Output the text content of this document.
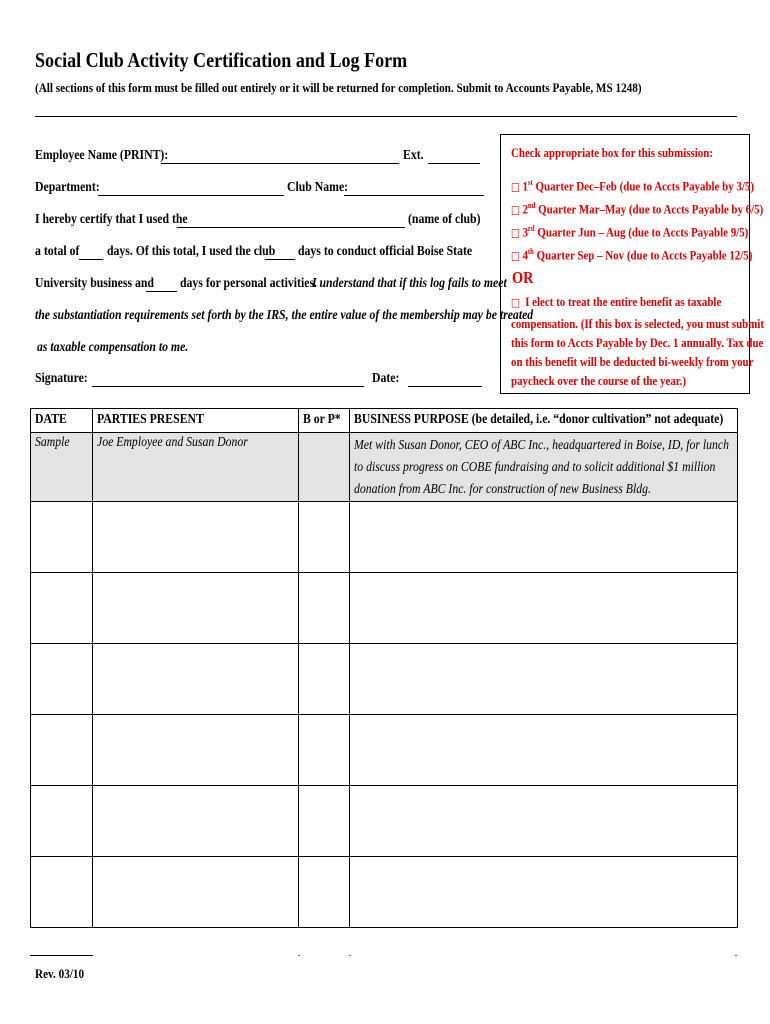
Social Club Activity Certification and Log Form
(All sections of this form must be filled out entirely or it will be returned for completion. Submit to Accounts Payable, MS 1248)
Employee Name (PRINT):	Ext.
Department:	Club Name:
I hereby certify that I used the	(name of club)
a total of days. Of this total, I used the club days to conduct official Boise State
University business and days for personal activities.
I understand that if this log fails to meet
the substantiation requirements set forth by the IRS, the entire value of the membership may be treated
as taxable compensation to me.
Signature:	Date:
Check appropriate box for this submission:
□ 1st Quarter Dec–Feb (due to Accts Payable by 3/5)
□ 2nd Quarter Mar–May (due to Accts Payable by 6/5)
□ 3rd Quarter Jun – Aug (due to Accts Payable 9/5)
□ 4th Quarter Sep – Nov (due to Accts Payable 12/5)
OR
□ I elect to treat the entire benefit as taxable
compensation. (If this box is selected, you must submit
this form to Accts Payable by Dec. 1 annually. Tax due
on this benefit will be deducted bi-weekly from your
paycheck over the course of the year.)
DATE	PARTIES PRESENT	B or P*	BUSINESS PURPOSE (be detailed, i.e. “donor cultivation” not adequate)
Sample	Joe Employee and Susan Donor		Met with Susan Donor, CEO of ABC Inc., headquartered in Boise, ID, for lunch to discuss progress on COBE fundraising and to solicit additional $1 million donation from ABC Inc. for construction of new Business Bldg.

Rev. 03/10
